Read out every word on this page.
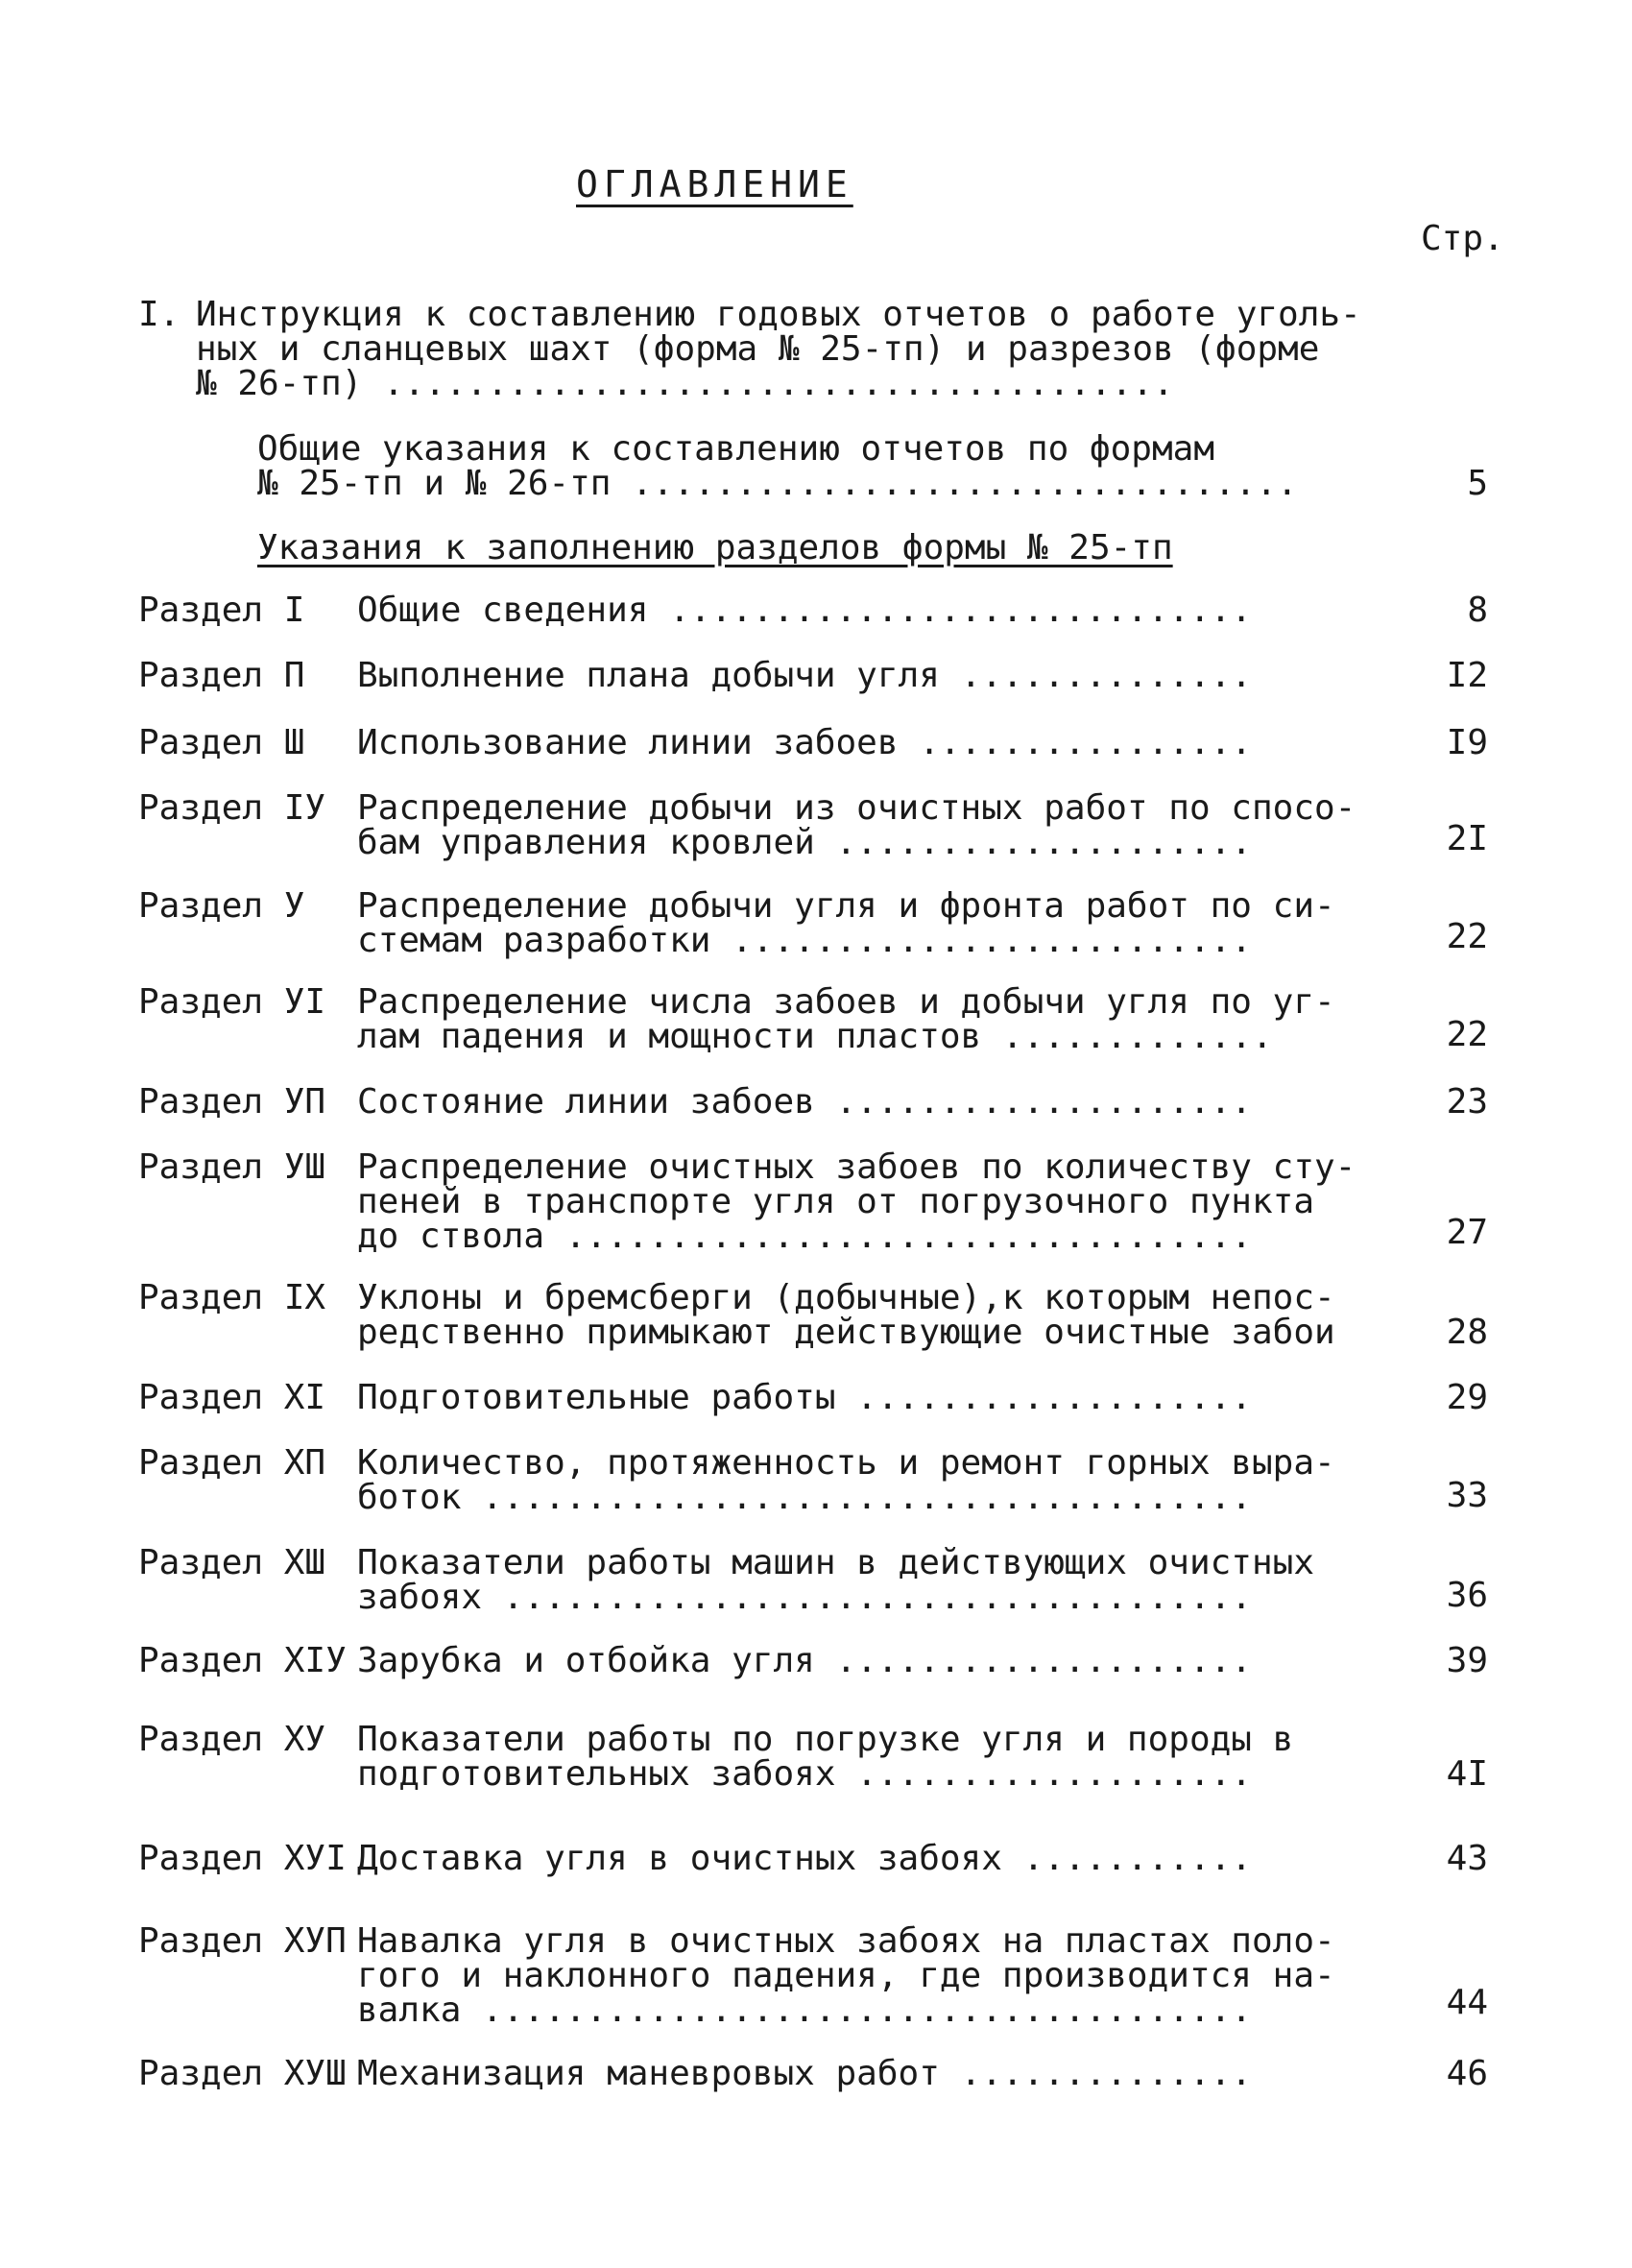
ОГЛАВЛЕНИЕ
Стр.
I. Инструкция к составлению годовых отчетов о работе уголь-
ных и сланцевых шахт (форма № 25-тп) и разрезов (форме
№ 26-тп) ......................................
Общие указания к составлению отчетов по формам
№ 25-тп и № 26-тп ................................	5
Указания к заполнению разделов формы № 25-тп
Раздел I Общие сведения ............................	8
Раздел П Выполнение плана добычи угля ..............	I2
Раздел Ш Использование линии забоев ................	I9
Раздел IУ Распределение добычи из очистных работ по спосо-
бам управления кровлей ....................	2I
Раздел У Распределение добычи угля и фронта работ по си-
стемам разработки .........................	22
Раздел УI Распределение числа забоев и добычи угля по уг-
лам падения и мощности пластов .............	22
Раздел УП Состояние линии забоев ....................	23
Раздел УШ Распределение очистных забоев по количеству сту-
пеней в транспорте угля от погрузочного пункта
до ствола .................................	27
Раздел IX Уклоны и бремсберги (добычные),к которым непос-
редственно примыкают действующие очистные забои	28
Раздел XI Подготовительные работы ...................	29
Раздел XП Количество, протяженность и ремонт горных выра-
боток .....................................	33
Раздел XШ Показатели работы машин в действующих очистных
забоях ....................................	36
Раздел XIУ Зарубка и отбойка угля ....................	39
Раздел XУ Показатели работы по погрузке угля и породы в
подготовительных забоях ...................	4I
Раздел XУI Доставка угля в очистных забоях ...........	43
Раздел XУП Навалка угля в очистных забоях на пластах поло-
гого и наклонного падения, где производится на-
валка .....................................	44
Раздел XУШ Механизация маневровых работ ..............	46
